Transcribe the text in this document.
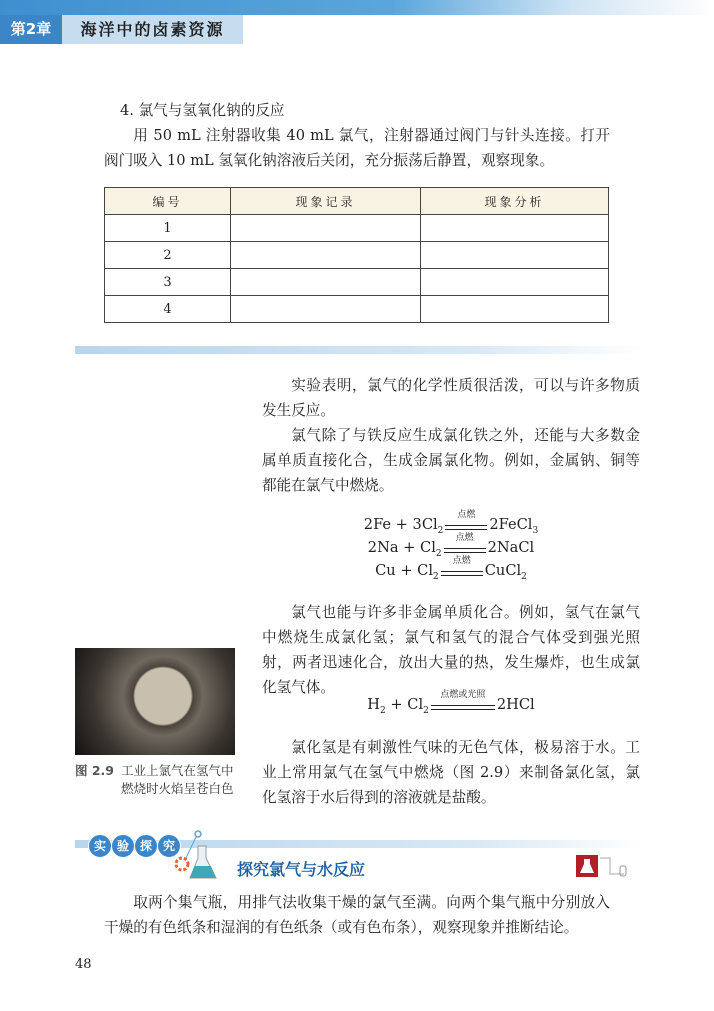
第2章	海洋中的卤素资源

4. 氯气与氢氧化钠的反应

用 50 mL 注射器收集 40 mL 氯气，注射器通过阀门与针头连接。打开阀门吸入 10 mL 氢氧化钠溶液后关闭，充分振荡后静置，观察现象。

编号	现象记录	现象分析
1		
2		
3		
4		

实验表明，氯气的化学性质很活泼，可以与许多物质发生反应。

氯气除了与铁反应生成氯化铁之外，还能与大多数金属单质直接化合，生成金属氯化物。例如，金属钠、铜等都能在氯气中燃烧。

$2Fe + 3Cl_2$
点燃
2FeCl$_3$
$2Na + Cl_2$
点燃
2NaCl
$Cu + Cl_2$
点燃
CuCl$_2$

氯气也能与许多非金属单质化合。例如，氢气在氯气中燃烧生成氯化氢；氯气和氢气的混合气体受到强光照射，两者迅速化合，放出大量的热，发生爆炸，也生成氯化氢气体。

$H_2 + Cl_2$
点燃或光照
2HCl

氯化氢是有刺激性气味的无色气体，极易溶于水。工业上常用氯气在氢气中燃烧（图 2.9）来制备氯化氢，氯化氢溶于水后得到的溶液就是盐酸。

图 2.9 工业上氯气在氢气中
燃烧时火焰呈苍白色
实 验 探 究
探究氯气与水反应

取两个集气瓶，用排气法收集干燥的氯气至满。向两个集气瓶中分别放入干燥的有色纸条和湿润的有色纸条（或有色布条），观察现象并推断结论。

48
